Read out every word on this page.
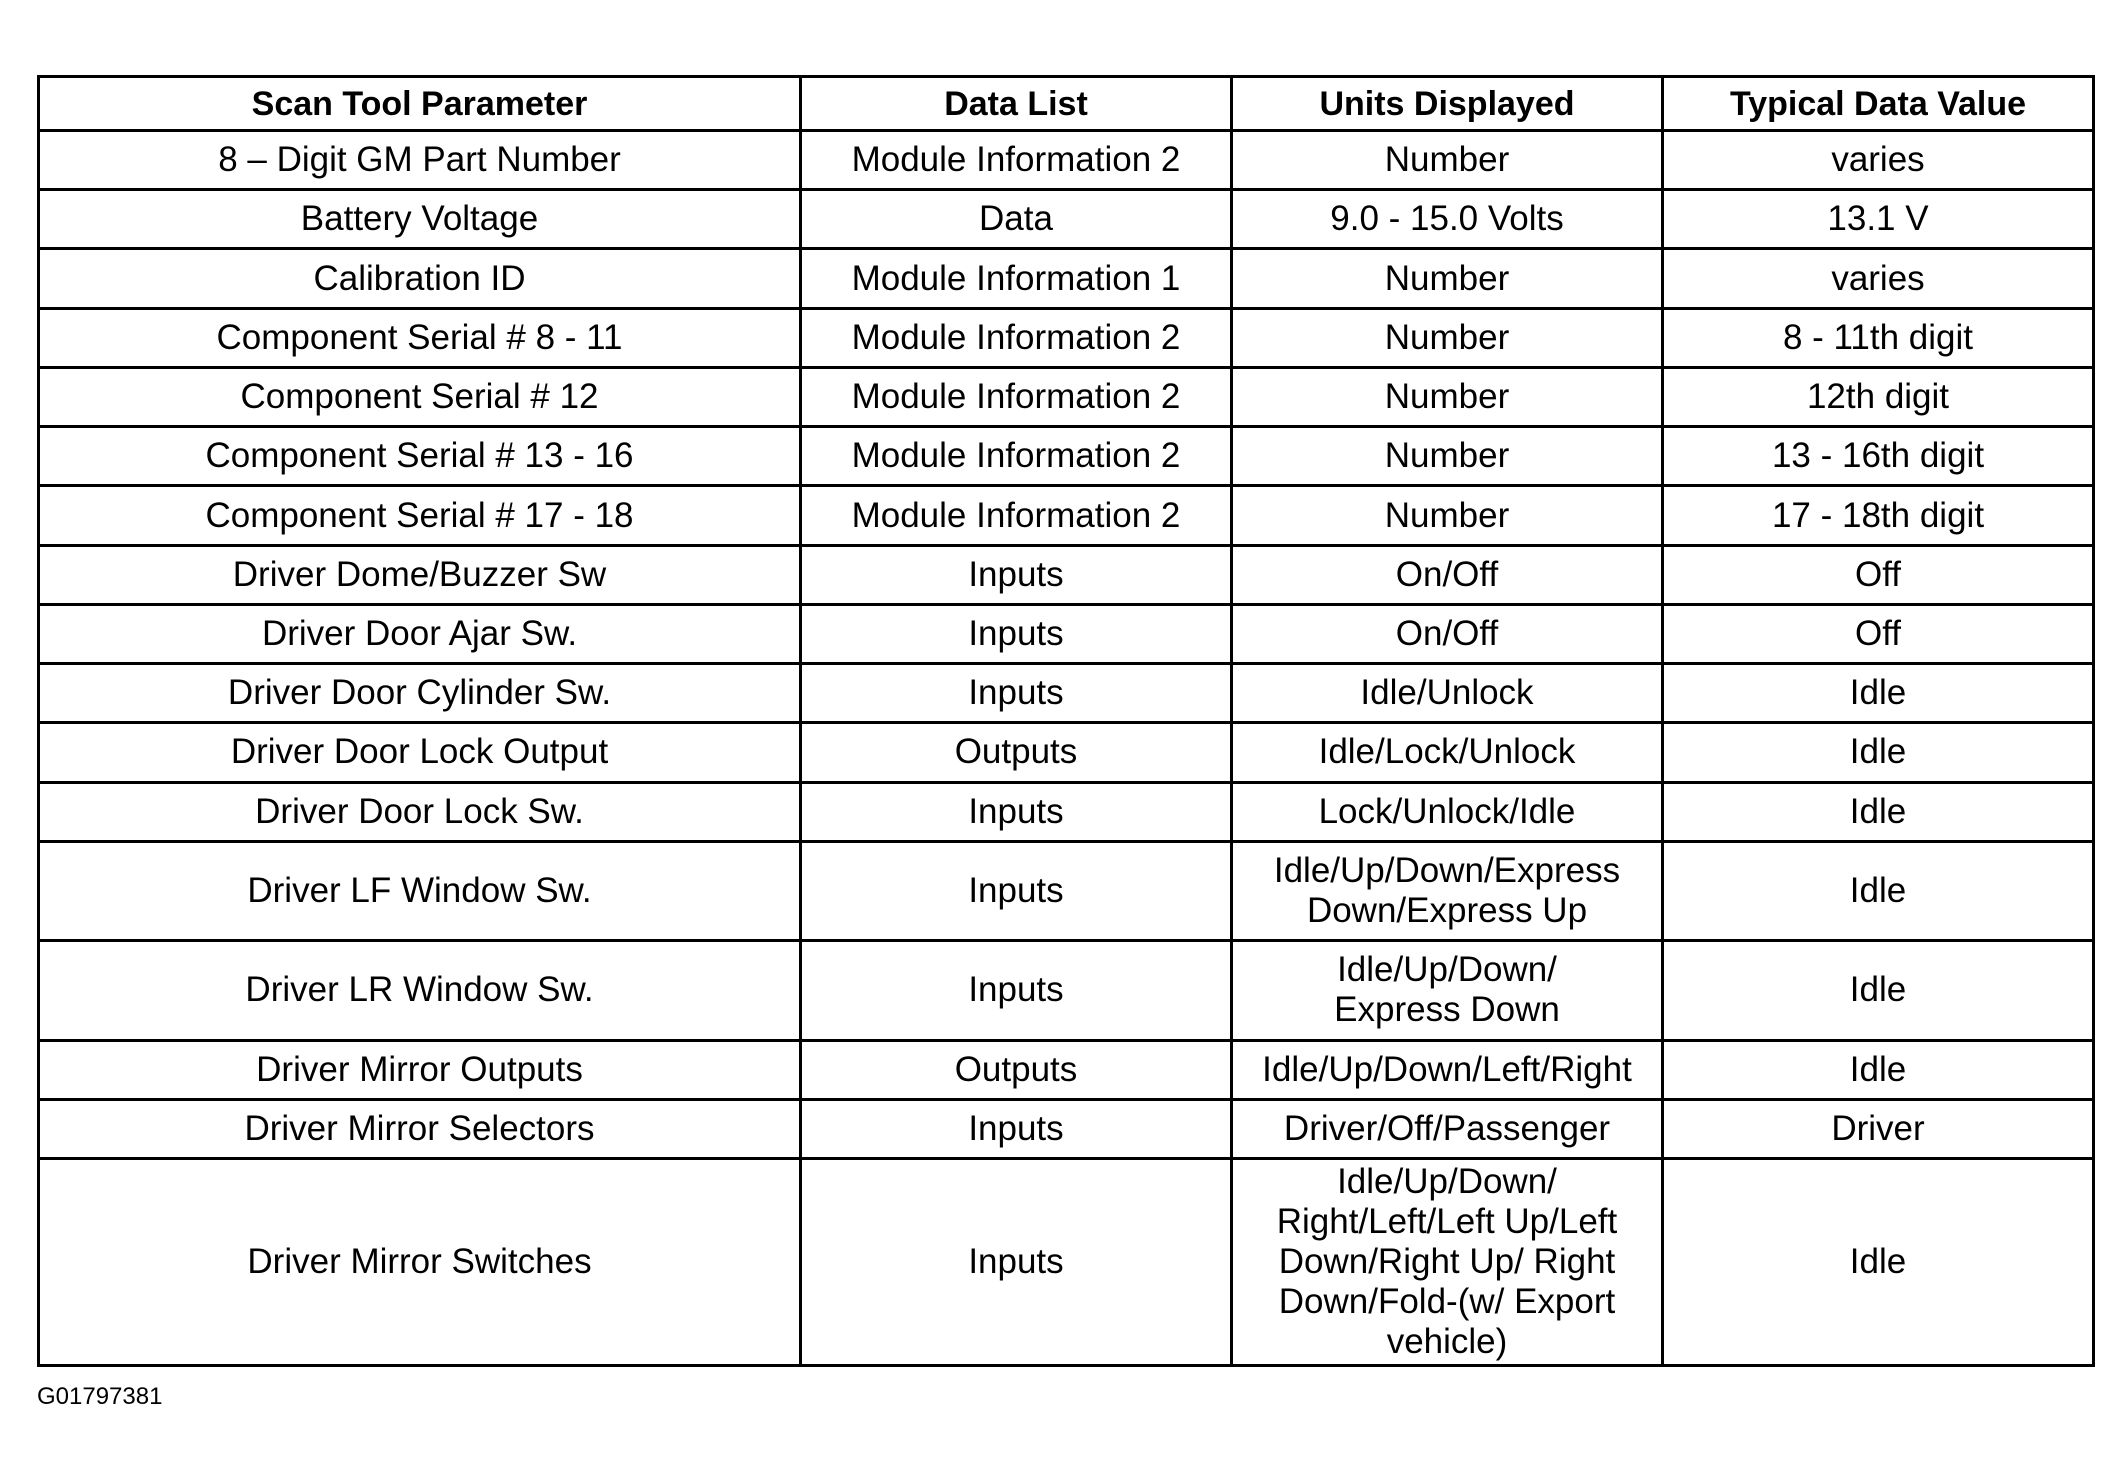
Scan Tool Parameter	Data List	Units Displayed	Typical Data Value

8 – Digit GM Part Number	Module Information 2	Number	varies

Battery Voltage	Data	9.0 - 15.0 Volts	13.1 V

Calibration ID	Module Information 1	Number	varies

Component Serial # 8 - 11	Module Information 2	Number	8 - 11th digit

Component Serial # 12	Module Information 2	Number	12th digit

Component Serial # 13 - 16	Module Information 2	Number	13 - 16th digit

Component Serial # 17 - 18	Module Information 2	Number	17 - 18th digit

Driver Dome/Buzzer Sw	Inputs	On/Off	Off

Driver Door Ajar Sw.	Inputs	On/Off	Off

Driver Door Cylinder Sw.	Inputs	Idle/Unlock	Idle

Driver Door Lock Output	Outputs	Idle/Lock/Unlock	Idle

Driver Door Lock Sw.	Inputs	Lock/Unlock/Idle	Idle

Driver LF Window Sw.	Inputs	Idle/Up/Down/Express
Down/Express Up	Idle

Driver LR Window Sw.	Inputs	Idle/Up/Down/
Express Down	Idle

Driver Mirror Outputs	Outputs	Idle/Up/Down/Left/Right	Idle

Driver Mirror Selectors	Inputs	Driver/Off/Passenger	Driver

Driver Mirror Switches	Inputs	Idle/Up/Down/
Right/Left/Left Up/Left
Down/Right Up/ Right
Down/Fold-(w/ Export
vehicle)	Idle
G01797381
